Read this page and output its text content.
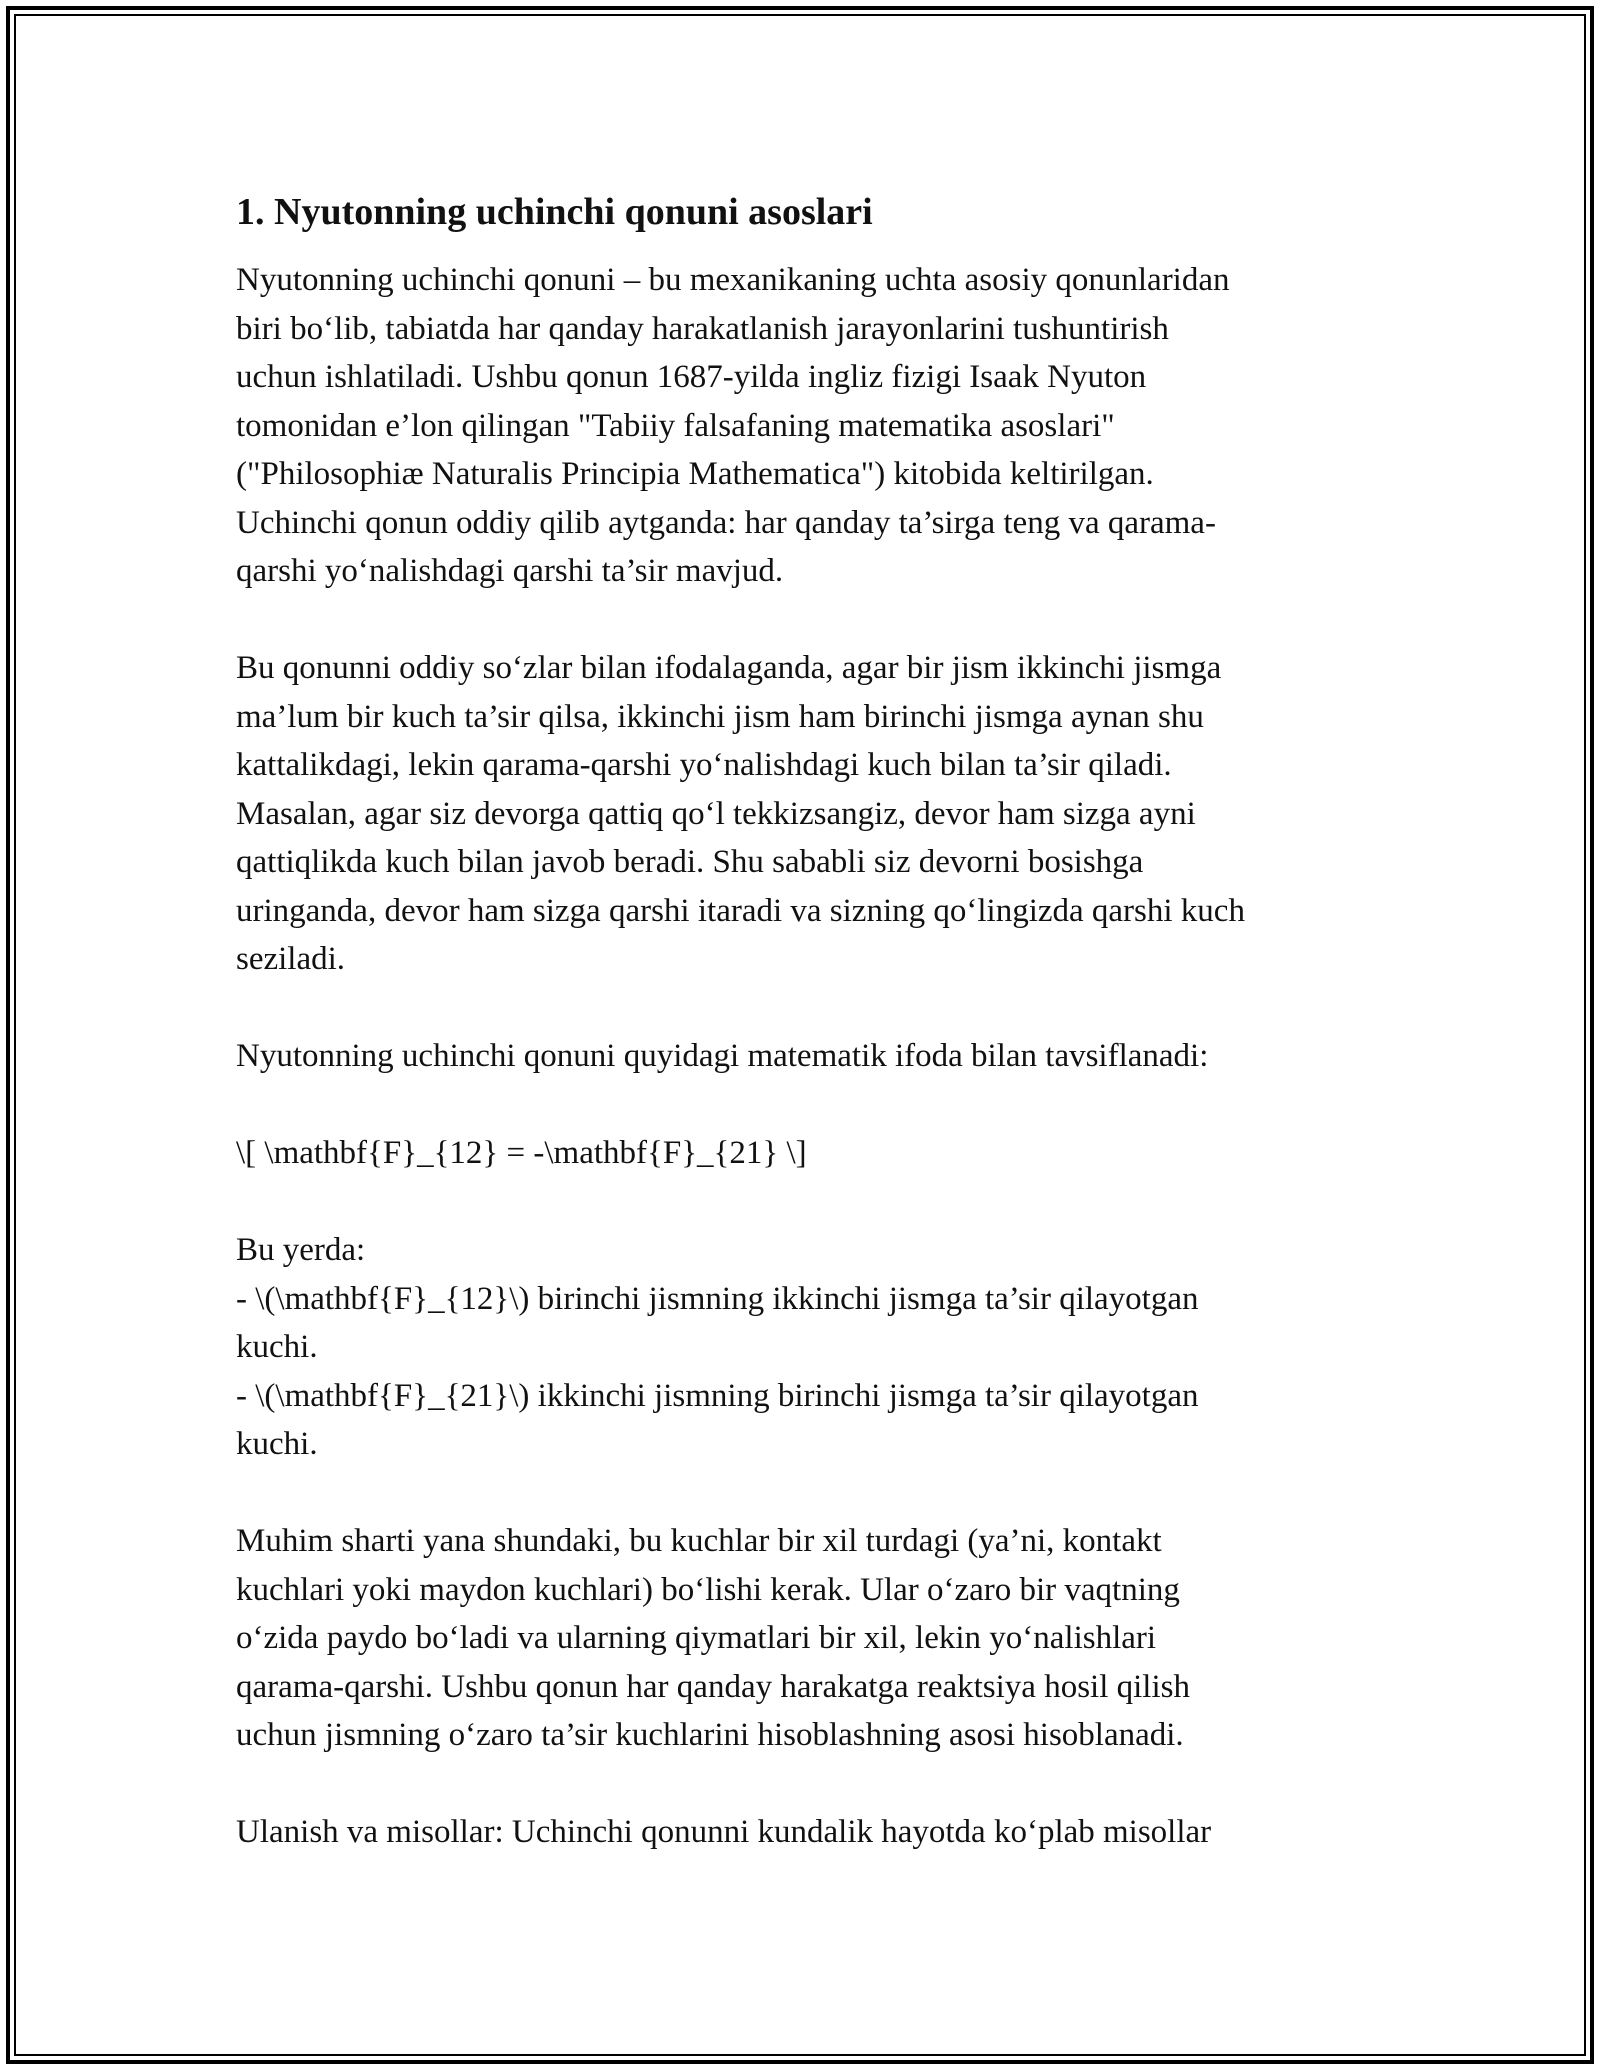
1. Nyutonning uchinchi qonuni asoslari
Nyutonning uchinchi qonuni – bu mexanikaning uchta asosiy qonunlaridan
biri bo‘lib, tabiatda har qanday harakatlanish jarayonlarini tushuntirish
uchun ishlatiladi. Ushbu qonun 1687-yilda ingliz fizigi Isaak Nyuton
tomonidan e’lon qilingan "Tabiiy falsafaning matematika asoslari"
("Philosophiæ Naturalis Principia Mathematica") kitobida keltirilgan.
Uchinchi qonun oddiy qilib aytganda: har qanday ta’sirga teng va qarama-
qarshi yo‘nalishdagi qarshi ta’sir mavjud.
Bu qonunni oddiy so‘zlar bilan ifodalaganda, agar bir jism ikkinchi jismga
ma’lum bir kuch ta’sir qilsa, ikkinchi jism ham birinchi jismga aynan shu
kattalikdagi, lekin qarama-qarshi yo‘nalishdagi kuch bilan ta’sir qiladi.
Masalan, agar siz devorga qattiq qo‘l tekkizsangiz, devor ham sizga ayni
qattiqlikda kuch bilan javob beradi. Shu sababli siz devorni bosishga
uringanda, devor ham sizga qarshi itaradi va sizning qo‘lingizda qarshi kuch
seziladi.
Nyutonning uchinchi qonuni quyidagi matematik ifoda bilan tavsiflanadi:
\[ \mathbf{F}_{12} = -\mathbf{F}_{21} \]
Bu yerda:
- \(\mathbf{F}_{12}\) birinchi jismning ikkinchi jismga ta’sir qilayotgan
kuchi.
- \(\mathbf{F}_{21}\) ikkinchi jismning birinchi jismga ta’sir qilayotgan
kuchi.
Muhim sharti yana shundaki, bu kuchlar bir xil turdagi (ya’ni, kontakt
kuchlari yoki maydon kuchlari) bo‘lishi kerak. Ular o‘zaro bir vaqtning
o‘zida paydo bo‘ladi va ularning qiymatlari bir xil, lekin yo‘nalishlari
qarama-qarshi. Ushbu qonun har qanday harakatga reaktsiya hosil qilish
uchun jismning o‘zaro ta’sir kuchlarini hisoblashning asosi hisoblanadi.
Ulanish va misollar: Uchinchi qonunni kundalik hayotda ko‘plab misollar
